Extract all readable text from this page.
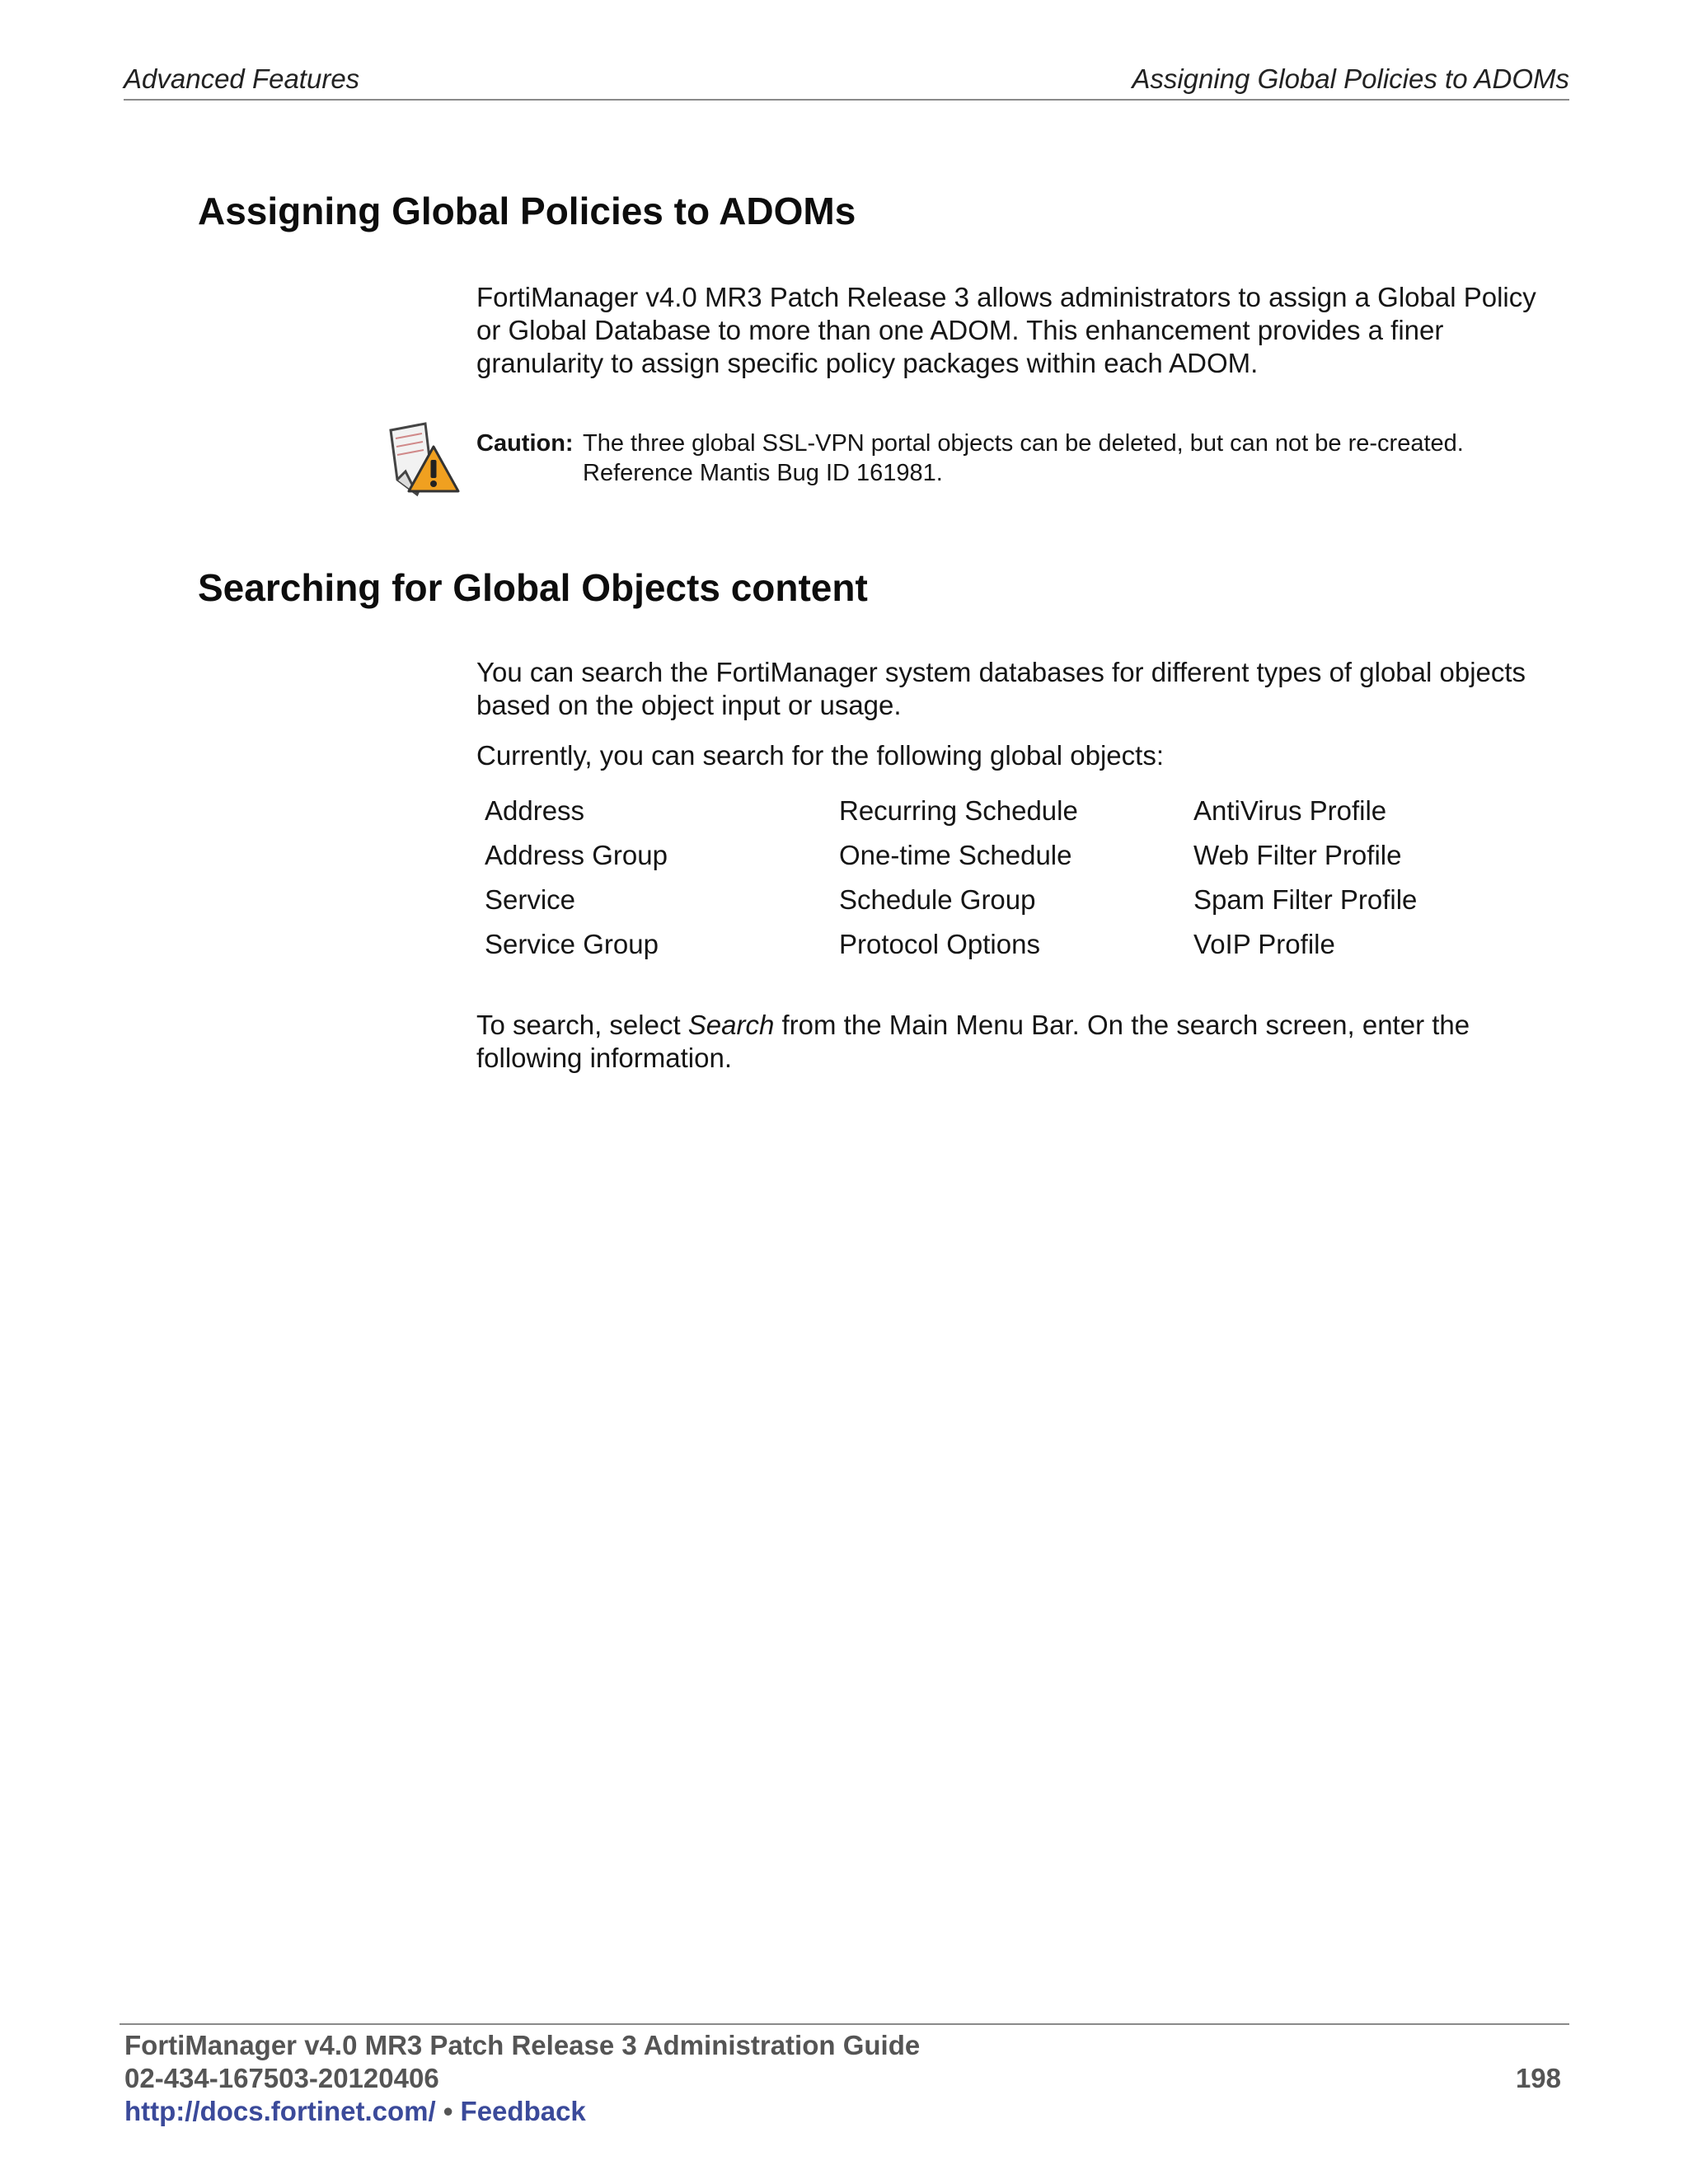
Advanced Features	Assigning Global Policies to ADOMs
Assigning Global Policies to ADOMs

FortiManager v4.0 MR3 Patch Release 3 allows administrators to assign a Global Policy or Global Database to more than one ADOM. This enhancement provides a finer granularity to assign specific policy packages within each ADOM.

Caution: The three global SSL-VPN portal objects can be deleted, but can not be re-created.
Reference Mantis Bug ID 161981.
Searching for Global Objects content

You can search the FortiManager system databases for different types of global objects based on the object input or usage.

Currently, you can search for the following global objects:

Address	Recurring Schedule	AntiVirus Profile
Address Group	One-time Schedule	Web Filter Profile
Service	Schedule Group	Spam Filter Profile
Service Group	Protocol Options	VoIP Profile

To search, select Search from the Main Menu Bar. On the search screen, enter the following information.

FortiManager v4.0 MR3 Patch Release 3 Administration Guide
02-434-167503-20120406
http://docs.fortinet.com/ • Feedback
198
